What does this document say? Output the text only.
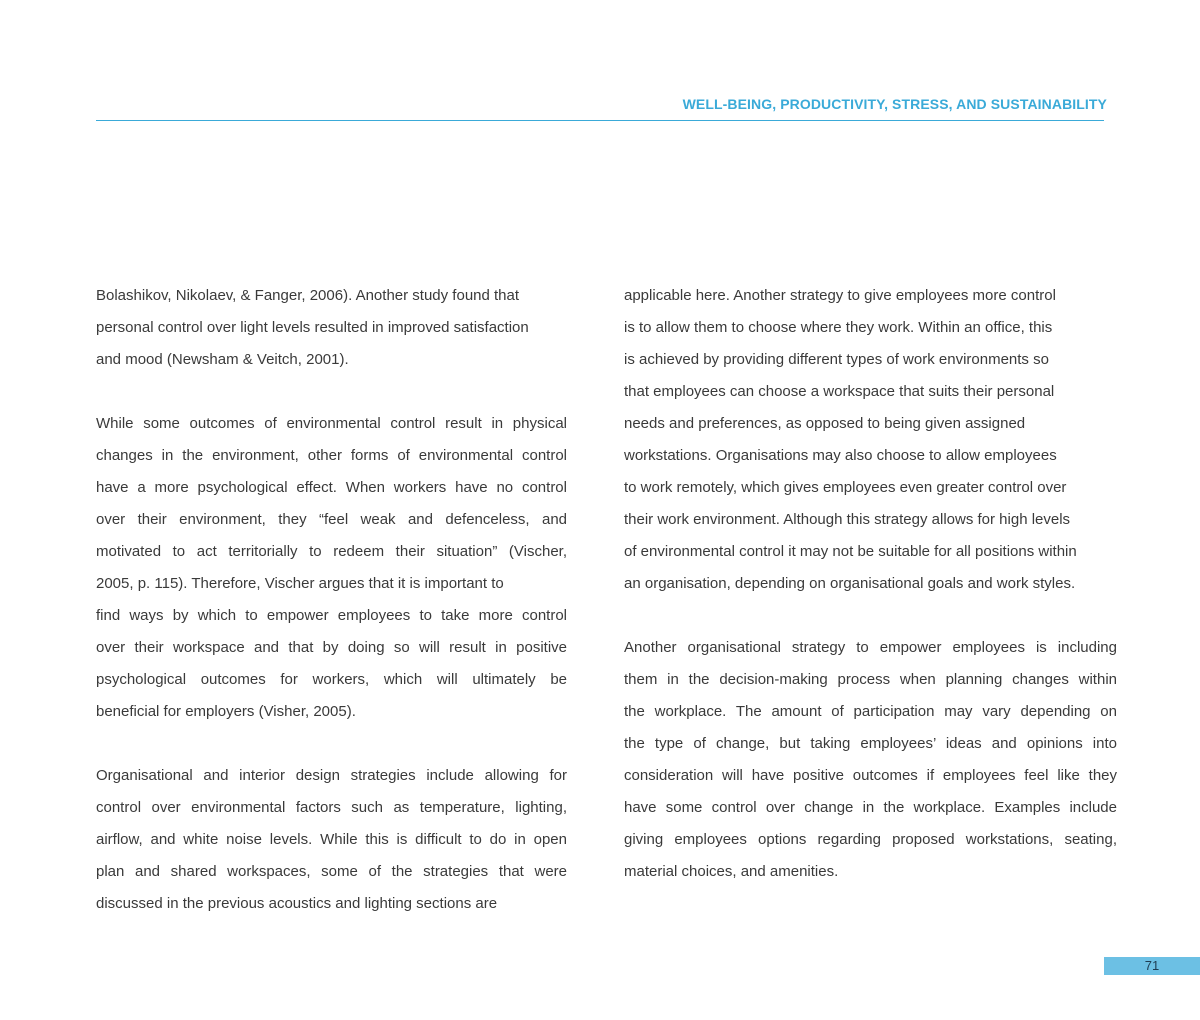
WELL-BEING, PRODUCTIVITY, STRESS, AND SUSTAINABILITY
Bolashikov, Nikolaev, & Fanger, 2006). Another study found that
personal control over light levels resulted in improved satisfaction
and mood (Newsham & Veitch, 2001).
While some outcomes of environmental control result in physical
changes in the environment, other forms of environmental control
have a more psychological effect. When workers have no control
over their environment, they “feel weak and defenceless, and
motivated to act territorially to redeem their situation” (Vischer,
2005, p. 115). Therefore, Vischer argues that it is important to
find ways by which to empower employees to take more control
over their workspace and that by doing so will result in positive
psychological outcomes for workers, which will ultimately be
beneficial for employers (Visher, 2005).
Organisational and interior design strategies include allowing for
control over environmental factors such as temperature, lighting,
airflow, and white noise levels. While this is difficult to do in open
plan and shared workspaces, some of the strategies that were
discussed in the previous acoustics and lighting sections are
applicable here. Another strategy to give employees more control
is to allow them to choose where they work. Within an office, this
is achieved by providing different types of work environments so
that employees can choose a workspace that suits their personal
needs and preferences, as opposed to being given assigned
workstations. Organisations may also choose to allow employees
to work remotely, which gives employees even greater control over
their work environment. Although this strategy allows for high levels
of environmental control it may not be suitable for all positions within
an organisation, depending on organisational goals and work styles.
Another organisational strategy to empower employees is including
them in the decision-making process when planning changes within
the workplace. The amount of participation may vary depending on
the type of change, but taking employees’ ideas and opinions into
consideration will have positive outcomes if employees feel like they
have some control over change in the workplace. Examples include
giving employees options regarding proposed workstations, seating,
material choices, and amenities.
71
